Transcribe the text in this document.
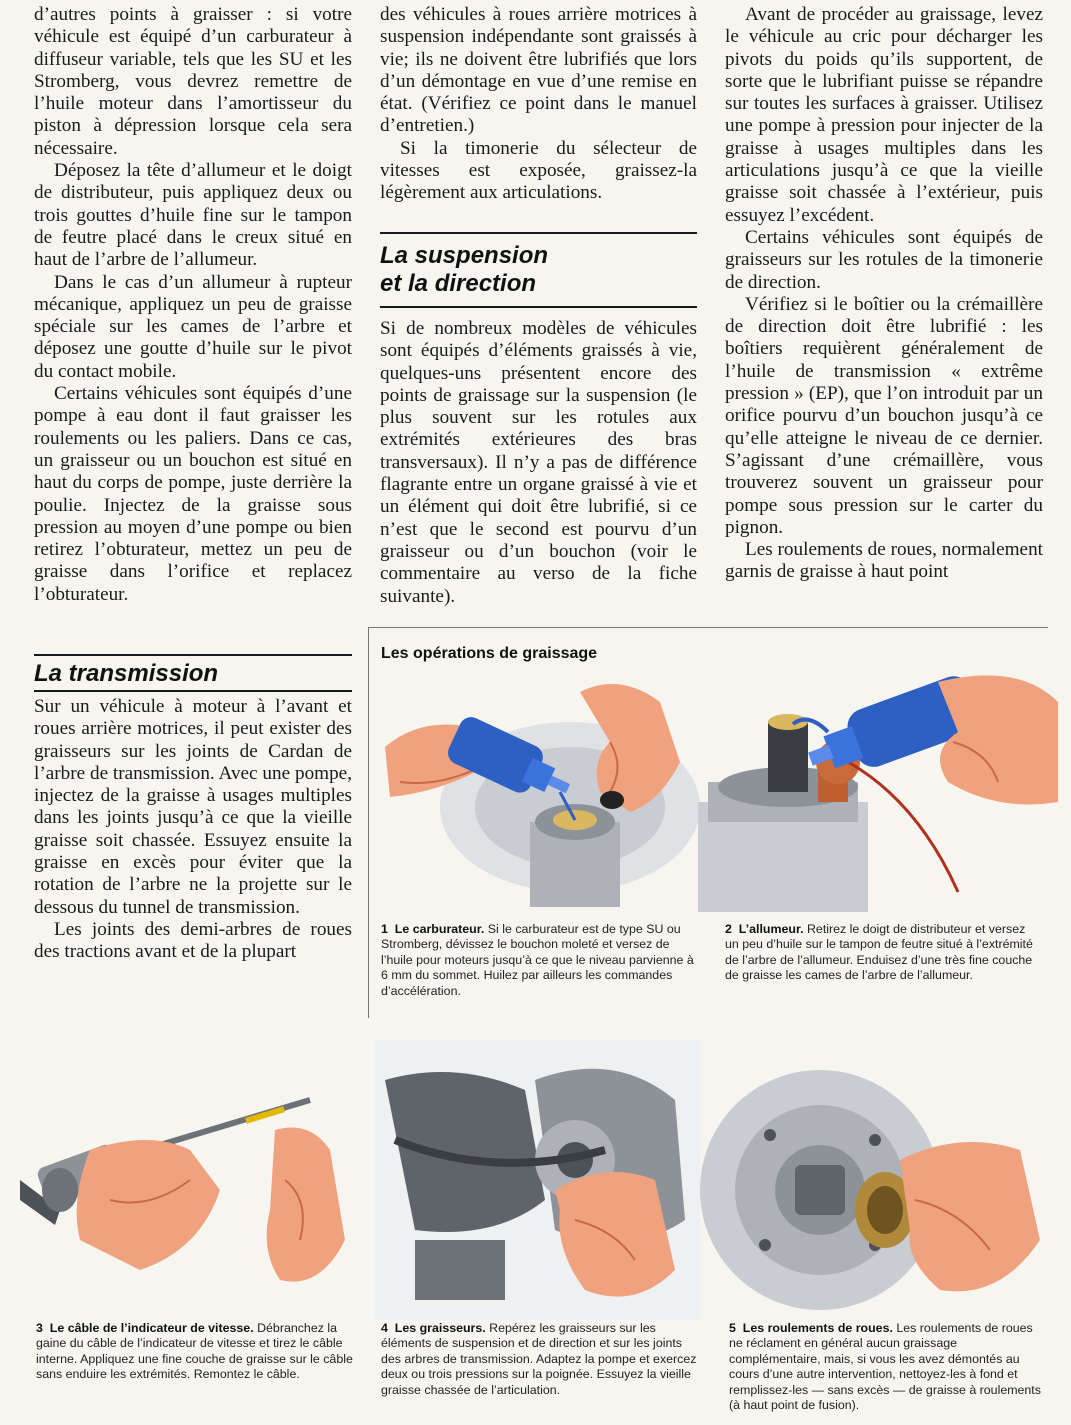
d’autres points à graisser : si votre véhicule est équipé d’un carburateur à diffuseur variable, tels que les SU et les Stromberg, vous devrez remettre de l’huile moteur dans l’amortisseur du piston à dépression lorsque cela sera nécessaire.

Déposez la tête d’allumeur et le doigt de distributeur, puis appliquez deux ou trois gouttes d’huile fine sur le tampon de feutre placé dans le creux situé en haut de l’arbre de l’allumeur.

Dans le cas d’un allumeur à rupteur mécanique, appliquez un peu de graisse spéciale sur les cames de l’arbre et déposez une goutte d’huile sur le pivot du contact mobile.

Certains véhicules sont équipés d’une pompe à eau dont il faut graisser les roulements ou les paliers. Dans ce cas, un graisseur ou un bouchon est situé en haut du corps de pompe, juste derrière la poulie. Injectez de la graisse sous pression au moyen d’une pompe ou bien retirez l’obturateur, mettez un peu de graisse dans l’orifice et replacez l’obturateur.

La transmission

Sur un véhicule à moteur à l’avant et roues arrière motrices, il peut exister des graisseurs sur les joints de Cardan de l’arbre de transmission. Avec une pompe, injectez de la graisse à usages multiples dans les joints jusqu’à ce que la vieille graisse soit chassée. Essuyez ensuite la graisse en excès pour éviter que la rotation de l’arbre ne la projette sur le dessous du tunnel de transmission.

Les joints des demi-arbres de roues des tractions avant et de la plupart

des véhicules à roues arrière motrices à suspension indépendante sont graissés à vie; ils ne doivent être lubrifiés que lors d’un démontage en vue d’une remise en état. (Vérifiez ce point dans le manuel d’entretien.)

Si la timonerie du sélecteur de vitesses est exposée, graissez-la légèrement aux articulations.

La suspension
et la direction

Si de nombreux modèles de véhicules sont équipés d’éléments graissés à vie, quelques-uns présentent encore des points de graissage sur la suspension (le plus souvent sur les rotules aux extrémités extérieures des bras transversaux). Il n’y a pas de différence flagrante entre un organe graissé à vie et un élément qui doit être lubrifié, si ce n’est que le second est pourvu d’un graisseur ou d’un bouchon (voir le commentaire au verso de la fiche suivante).

Avant de procéder au graissage, levez le véhicule au cric pour décharger les pivots du poids qu’ils supportent, de sorte que le lubrifiant puisse se répandre sur toutes les surfaces à graisser. Utilisez une pompe à pression pour injecter de la graisse à usages multiples dans les articulations jusqu’à ce que la vieille graisse soit chassée à l’extérieur, puis essuyez l’excédent.

Certains véhicules sont équipés de graisseurs sur les rotules de la timonerie de direction.

Vérifiez si le boîtier ou la crémaillère de direction doit être lubrifié : les boîtiers requièrent généralement de l’huile de transmission « extrême pression » (EP), que l’on introduit par un orifice pourvu d’un bouchon jusqu’à ce qu’elle atteigne le niveau de ce dernier. S’agissant d’une crémaillère, vous trouverez souvent un graisseur pour pompe sous pression sur le carter du pignon.

Les roulements de roues, normalement garnis de graisse à haut point

Les opérations de graissage
1 Le carburateur. Si le carburateur est de type SU ou Stromberg, dévissez le bouchon moleté et versez de l’huile pour moteurs jusqu’à ce que le niveau parvienne à 6 mm du sommet. Huilez par ailleurs les commandes d’accélération.
2 L’allumeur. Retirez le doigt de distributeur et versez un peu d’huile sur le tampon de feutre situé à l’extrémité de l’arbre de l’allumeur. Enduisez d’une très fine couche de graisse les cames de l’arbre de l’allumeur.
3 Le câble de l’indicateur de vitesse. Débranchez la gaine du câble de l’indicateur de vitesse et tirez le câble interne. Appliquez une fine couche de graisse sur le câble sans enduire les extrémités. Remontez le câble.
4 Les graisseurs. Repérez les graisseurs sur les éléments de suspension et de direction et sur les joints des arbres de transmission. Adaptez la pompe et exercez deux ou trois pressions sur la poignée. Essuyez la vieille graisse chassée de l’articulation.
5 Les roulements de roues. Les roulements de roues ne réclament en général aucun graissage complémentaire, mais, si vous les avez démontés au cours d’une autre intervention, nettoyez-les à fond et remplissez-les — sans excès — de graisse à roulements (à haut point de fusion).
